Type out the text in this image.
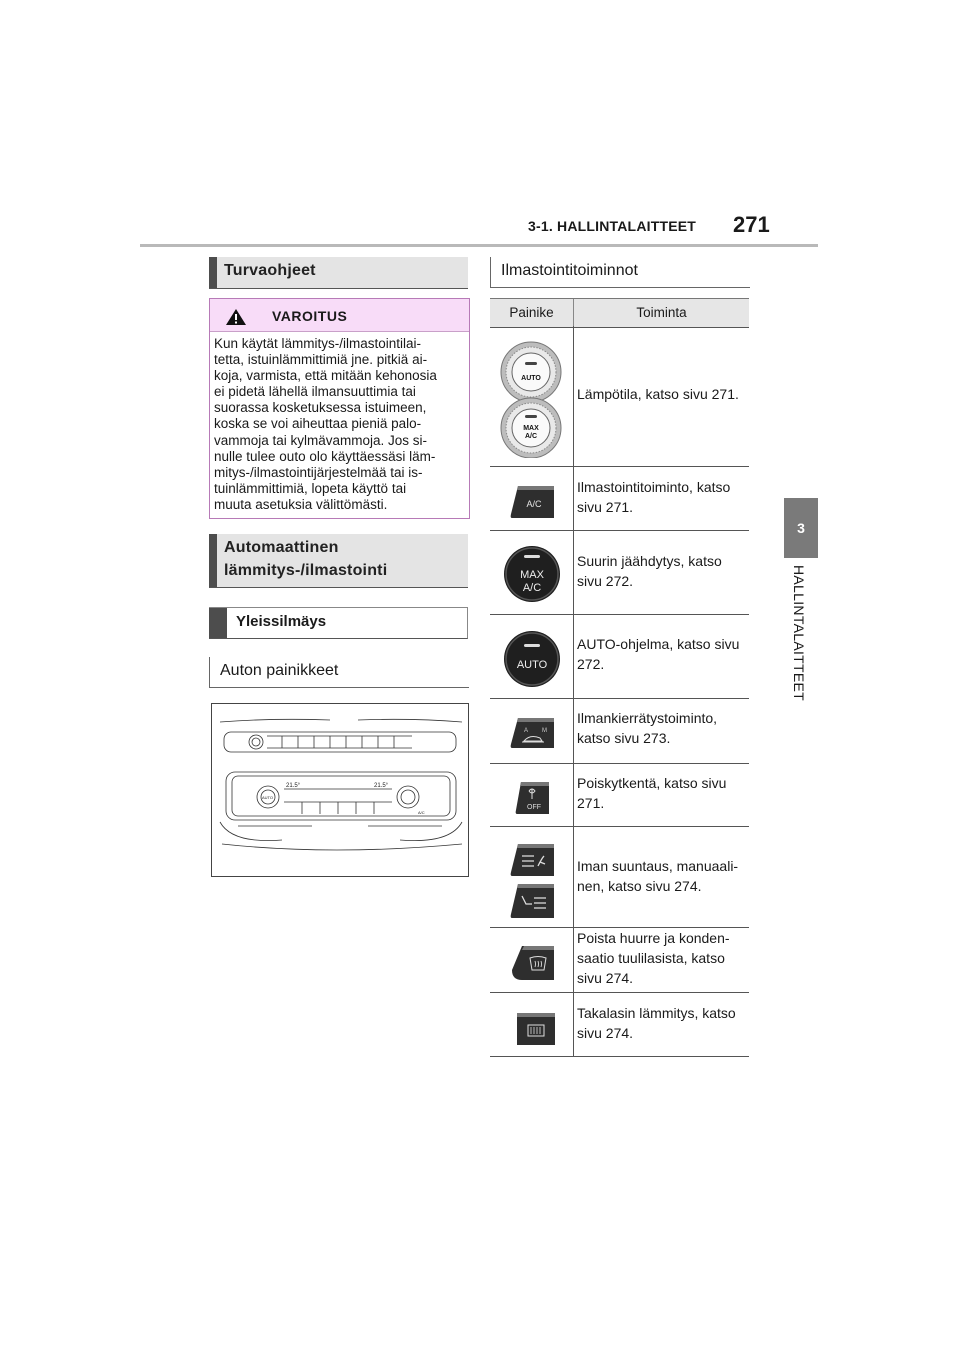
3-1. HALLINTALAITTEET 271
3
HALLINTALAITTEET
Turvaohjeet
VAROITUS
Kun käytät lämmitys-/ilmastointilai-
tetta, istuinlämmittimiä jne. pitkiä ai-
koja, varmista, että mitään kehonosia
ei pidetä lähellä ilmansuuttimia tai
suorassa kosketuksessa istuimeen,
koska se voi aiheuttaa pieniä palo-
vammoja tai kylmävammoja. Jos si-
nulle tulee outo olo käyttäessäsi läm-
mitys-/ilmastointijärjestelmää tai is-
tuinlämmittimiä, lopeta käyttö tai
muuta asetuksia välittömästi.
Automaattinen
lämmitys-/ilmastointi
Yleissilmäys
Auton painikkeet
21.5°	21.5°
AUTO
A/C
Ilmastointitoiminnot
Painike	Toiminta
AUTO
MAX
A/C
Lämpötila, katso sivu 271.
A/C
Ilmastointitoiminto, katso
sivu 271.
MAX
A/C
Suurin jäähdytys, katso
sivu 272.
AUTO
AUTO-ohjelma, katso sivu
272.
A M
Ilmankierrätystoiminto,
katso sivu 273.
OFF
Poiskytkentä, katso sivu
271.
Iman suuntaus, manuaali-
nen, katso sivu 274.
Poista huurre ja konden-
saatio tuulilasista, katso
sivu 274.
Takalasin lämmitys, katso
sivu 274.
